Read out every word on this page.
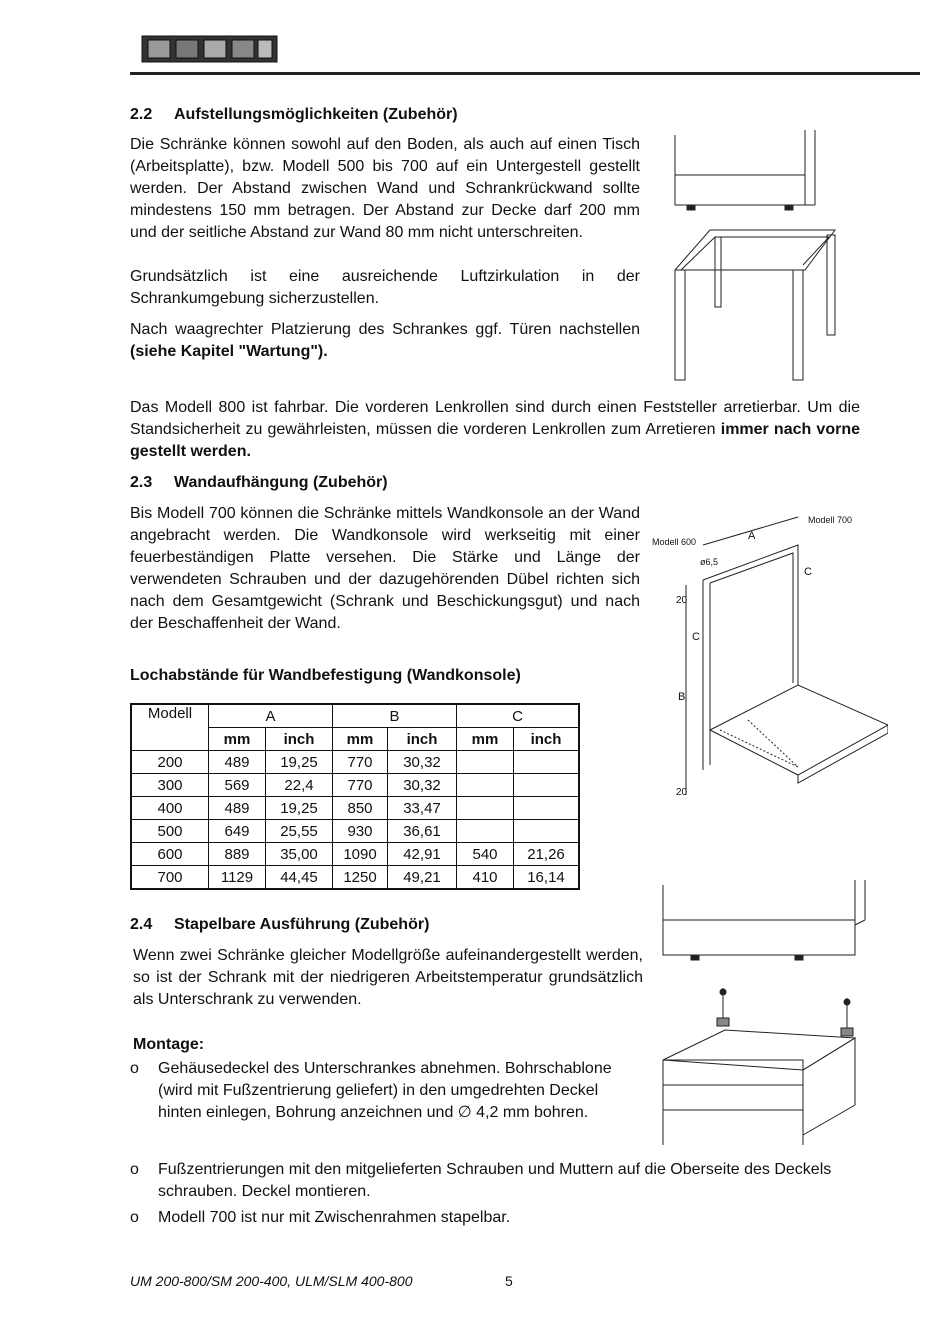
2.2 Aufstellungsmöglichkeiten (Zubehör)
Die Schränke können sowohl auf den Boden, als auch auf einen Tisch (Arbeitsplatte), bzw. Modell 500 bis 700 auf ein Untergestell gestellt werden. Der Abstand zwischen Wand und Schrankrückwand sollte mindestens 150 mm betragen. Der Abstand zur Decke darf 200 mm und der seitliche Abstand zur Wand 80 mm nicht unterschreiten.
Grundsätzlich ist eine ausreichende Luftzirkulation in der Schrankumgebung sicherzustellen.
Nach waagrechter Platzierung des Schrankes ggf. Türen nachstellen (siehe Kapitel "Wartung").
Das Modell 800 ist fahrbar. Die vorderen Lenkrollen sind durch einen Feststeller arretierbar. Um die Standsicherheit zu gewährleisten, müssen die vorderen Lenkrollen zum Arretieren immer nach vorne gestellt werden.
2.3 Wandaufhängung (Zubehör)
Bis Modell 700 können die Schränke mittels Wandkonsole an der Wand angebracht werden. Die Wandkonsole wird werkseitig mit einer feuerbeständigen Platte versehen. Die Stärke und Länge der verwendeten Schrauben und der dazugehörenden Dübel richten sich nach dem Gesamtgewicht (Schrank und Beschickungsgut) und nach der Beschaffenheit der Wand.
Lochabstände für Wandbefestigung (Wandkonsole)
Modell	A		B		C	
	mm	inch	mm	inch	mm	inch
200	489	19,25	770	30,32		
300	569	22,4	770	30,32		
400	489	19,25	850	33,47		
500	649	25,55	930	36,61		
600	889	35,00	1090	42,91	540	21,26
700	1129	44,45	1250	49,21	410	16,14
Modell 600
Modell 700
A
ø6,5
20
C
B
20
C
2.4 Stapelbare Ausführung (Zubehör)
Wenn zwei Schränke gleicher Modellgröße aufeinandergestellt werden, so ist der Schrank mit der niedrigeren Arbeitstemperatur grundsätzlich als Unterschrank zu verwenden.
Montage:
o Gehäusedeckel des Unterschrankes abnehmen. Bohrschablone (wird mit Fußzentrierung geliefert) in den umgedrehten Deckel hinten einlegen, Bohrung anzeichnen und ∅ 4,2 mm bohren.
o Fußzentrierungen mit den mitgelieferten Schrauben und Muttern auf die Oberseite des Deckels schrauben. Deckel montieren.
o Modell 700 ist nur mit Zwischenrahmen stapelbar.
UM 200-800/SM 200-400, ULM/SLM 400-800	5
